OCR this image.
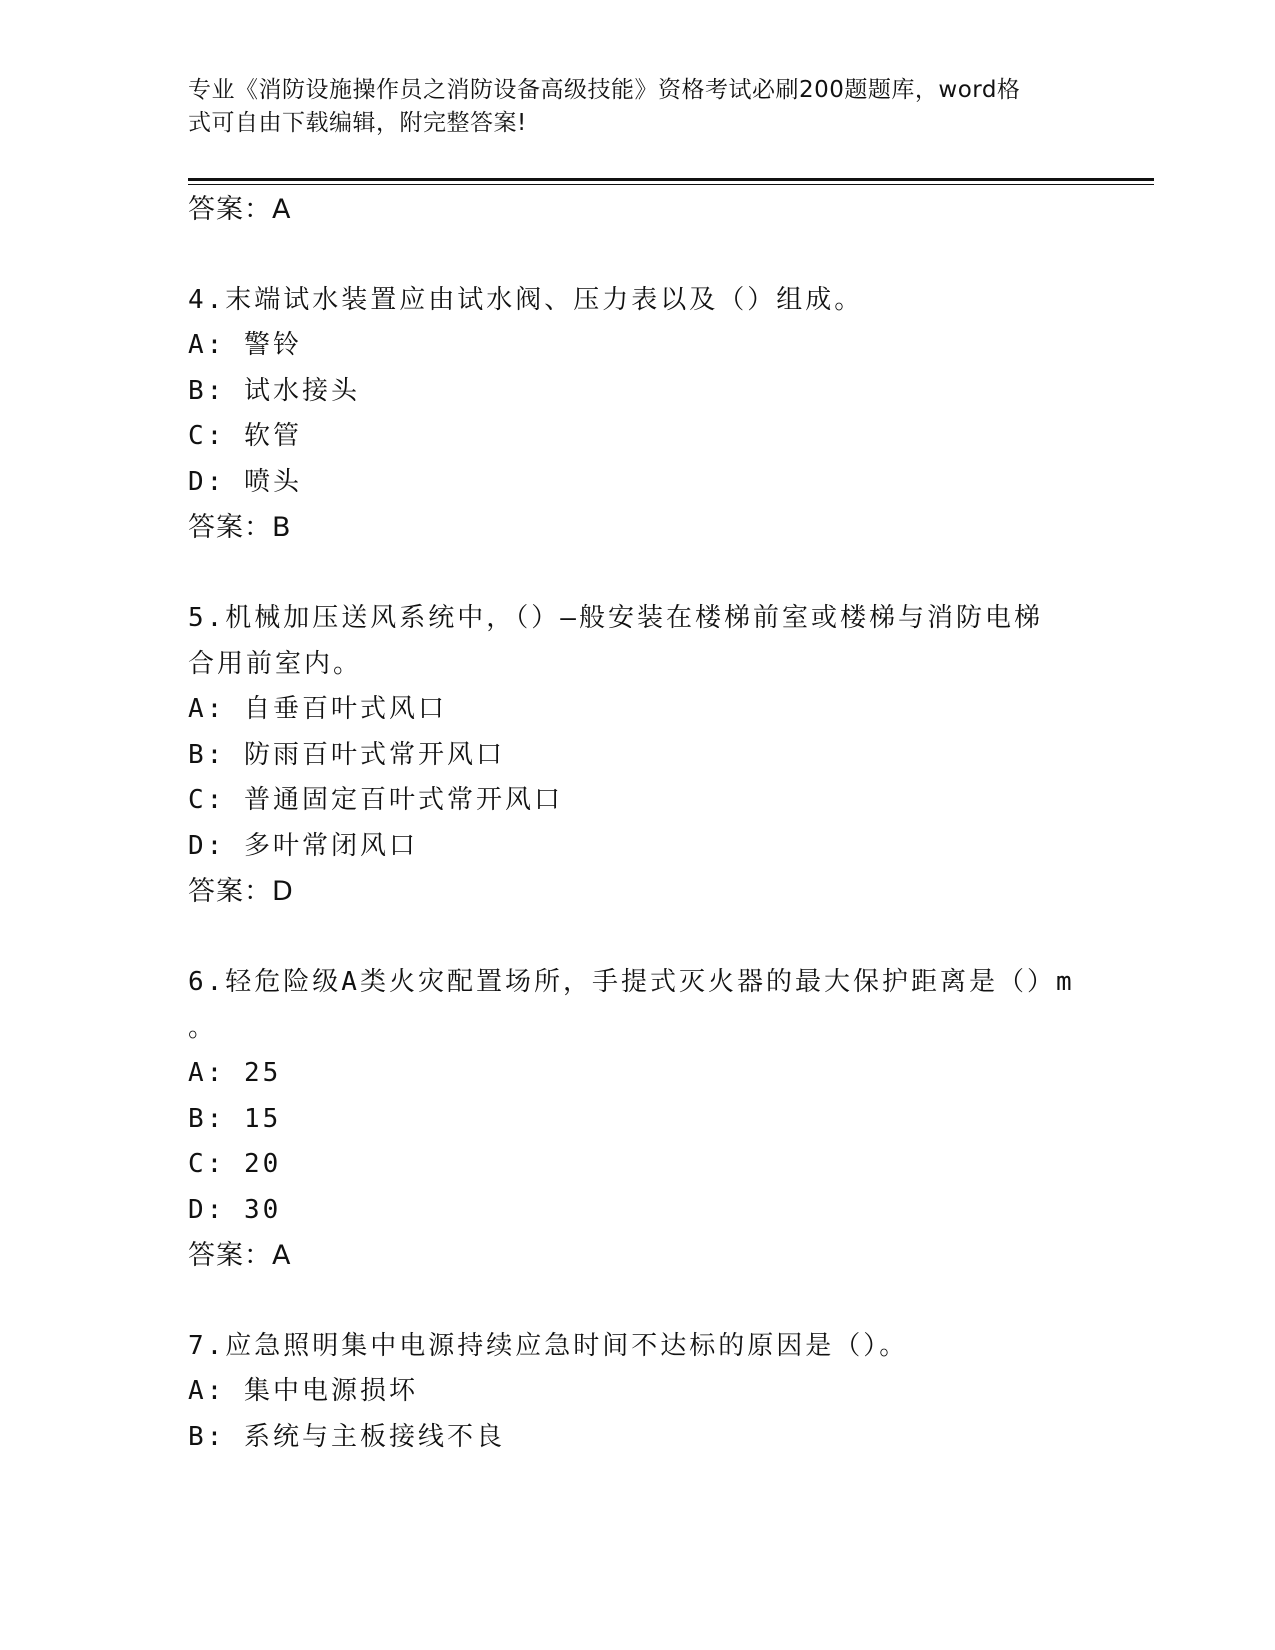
专业《消防设施操作员之消防设备高级技能》资格考试必刷200题题库，word格
式可自由下载编辑，附完整答案!
答案：A
4.末端试水装置应由试水阀、压力表以及（）组成。
A: 警铃
B: 试水接头
C: 软管
D: 喷头
答案：B
5.机械加压送风系统中，（）—般安装在楼梯前室或楼梯与消防电梯
合用前室内。
A: 自垂百叶式风口
B: 防雨百叶式常开风口
C: 普通固定百叶式常开风口
D: 多叶常闭风口
答案：D
6.轻危险级A类火灾配置场所，手提式灭火器的最大保护距离是（）m
。
A: 25
B: 15
C: 20
D: 30
答案：A
7.应急照明集中电源持续应急时间不达标的原因是（）。
A: 集中电源损坏
B: 系统与主板接线不良
